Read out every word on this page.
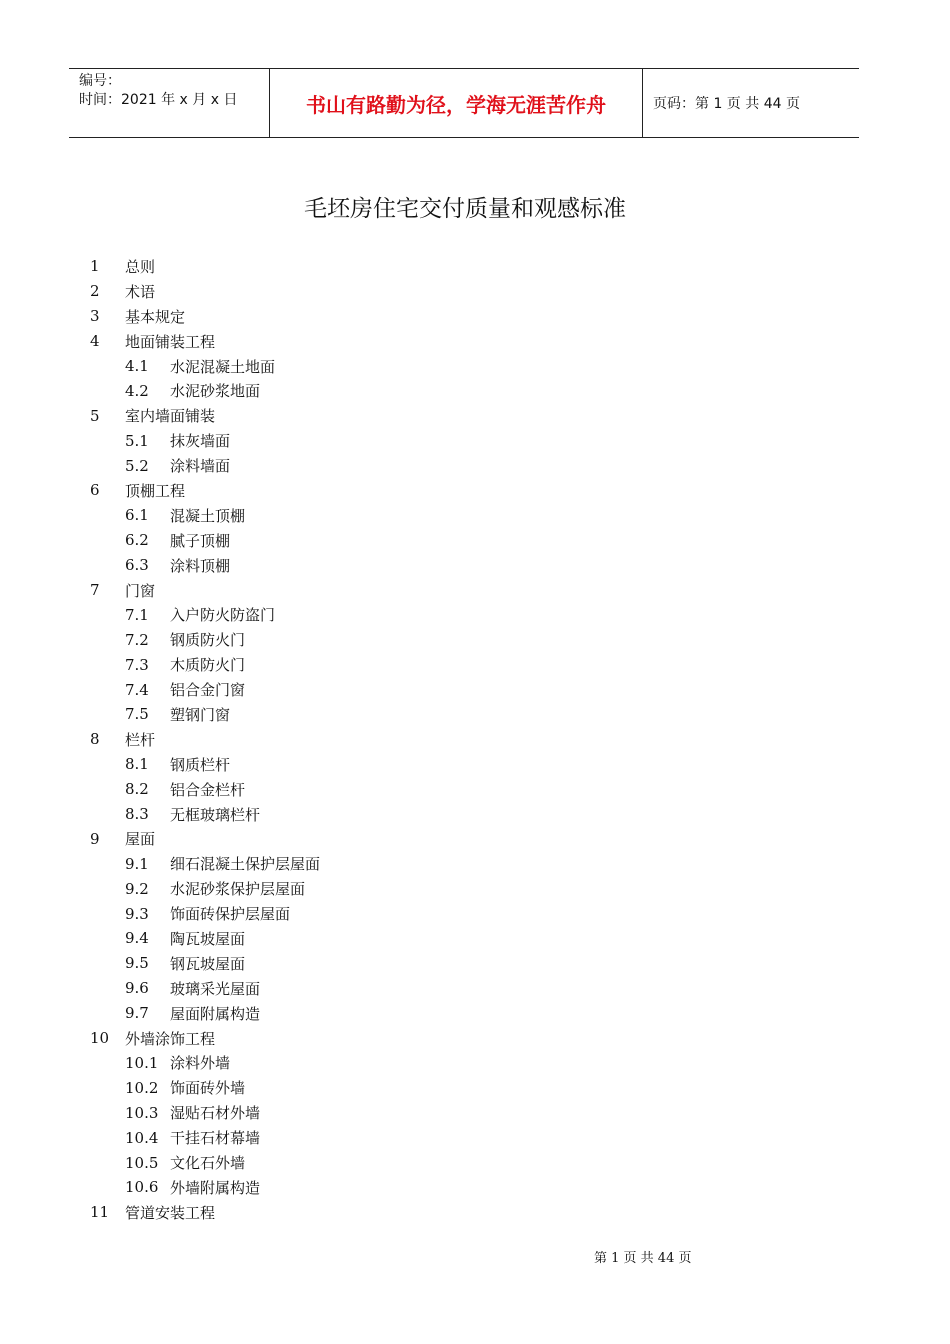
编号：
时间：2021 年 x 月 x 日	书山有路勤为径，学海无涯苦作舟	页码：第 1 页 共 44 页
毛坯房住宅交付质量和观感标准
1	总则
2	术语
3	基本规定
4	地面铺装工程
4.1	水泥混凝土地面
4.2	水泥砂浆地面
5	室内墙面铺装
5.1	抹灰墙面
5.2	涂料墙面
6	顶棚工程
6.1	混凝土顶棚
6.2	腻子顶棚
6.3	涂料顶棚
7	门窗
7.1	入户防火防盗门
7.2	钢质防火门
7.3	木质防火门
7.4	铝合金门窗
7.5	塑钢门窗
8	栏杆
8.1	钢质栏杆
8.2	铝合金栏杆
8.3	无框玻璃栏杆
9	屋面
9.1	细石混凝土保护层屋面
9.2	水泥砂浆保护层屋面
9.3	饰面砖保护层屋面
9.4	陶瓦坡屋面
9.5	钢瓦坡屋面
9.6	玻璃采光屋面
9.7	屋面附属构造
10	外墙涂饰工程
10.1 涂料外墙
10.2 饰面砖外墙
10.3 湿贴石材外墙
10.4 干挂石材幕墙
10.5 文化石外墙
10.6 外墙附属构造
11	管道安装工程
第 1 页 共 44 页
